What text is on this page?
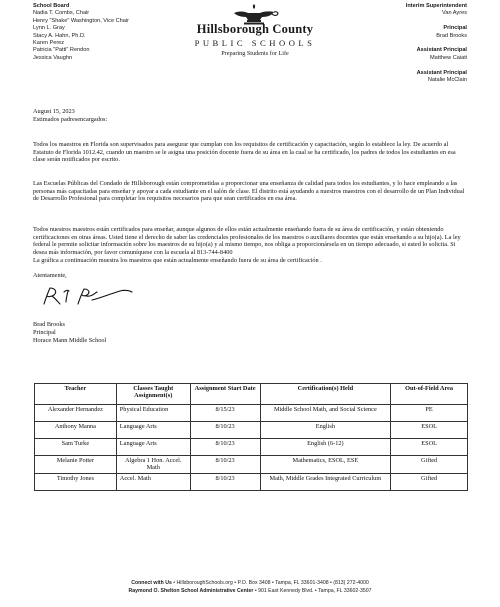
School Board
Nadia T. Combs, Chair
Henry "Shake" Washington, Vice Chair
Lynn L. Gray
Stacy A. Hahn, Ph.D.
Karen Perez
Patricia "Patti" Rendon
Jessica Vaughn
Hillsborough County
PUBLIC SCHOOLS
Preparing Students for Life
Interim Superintendent
Van Ayres
Principal
Brad Brooks
Assistant Principal
Matthew Caiati
Assistant Principal
Natalie McClain
August 15, 2023
Estimados padresencargados:
Todos los maestros en Florida son supervisados para asegurar que cumplan con los requisitos de certificación y capacitación, según lo establece la ley. De acuerdo al Estatuto de Florida 1012.42, cuando un maestro se le asigna una posición docente fuera de su área en la cual se ha certificado, los padres de todos los estudiantes en esa clase serán notificados por escrito.
Las Escuelas Públicas del Condado de Hillsborough están comprometidas a proporcionar una enseñanza de calidad para todos los estudiantes, y lo hace empleando a las personas más capacitadas para enseñar y apoyar a cada estudiante en el salón de clase. El distrito está ayudando a nuestros maestros con el desarrollo de un Plan Individual de Desarrollo Profesional para completar los requisitos necesarios para que sean certificados en esa área.
Todos nuestros maestros están certificados para enseñar, aunque algunos de ellos están actualmente enseñando fuera de su área de certificación, y están obteniendo certificaciones en otras áreas. Usted tiene el derecho de saber las credenciales profesionales de los maestros o auxiliares docentes que están enseñando a su hijo(a). La ley federal le permite solicitar información sobre los maestros de su hijo(a) y al mismo tiempo, nos obliga a proporcionársela en un tiempo adecuado, si usted lo solicita. Si desea más información, por favor comuníquese con la escuela al 813-744-8400
La gráfica a continuación muestra los maestros que están actualmente enseñando fuera de su área de certificación .
Atentamente,
Brad Brooks
Principal
Horace Mann Middle School
Teacher	Classes Taught Assignment(s)	Assignment Start Date	Certification(s) Held	Out-of-Field Area
Alexander Hernandez	Physical Education	8/15/23	Middle School Math, and Social Science	PE
Anthony Manna	Language Arts	8/10/23	English	ESOL
Sam Turke	Language Arts	8/10/23	English (6-12)	ESOL
Melanie Potter	Algebra 1 Hon. Accel. Math	8/10/23	Mathematics, ESOL, ESE	Gifted
Timothy Jones	Accel. Math	8/10/23	Math, Middle Grades Integrated Curriculum	Gifted
Connect with Us • HillsboroughSchools.org • P.O. Box 3408 • Tampa, FL 33601-3408 • (813) 272-4000
Raymond O. Shelton School Administrative Center • 901 East Kennedy Blvd. • Tampa, FL 33602-3507
